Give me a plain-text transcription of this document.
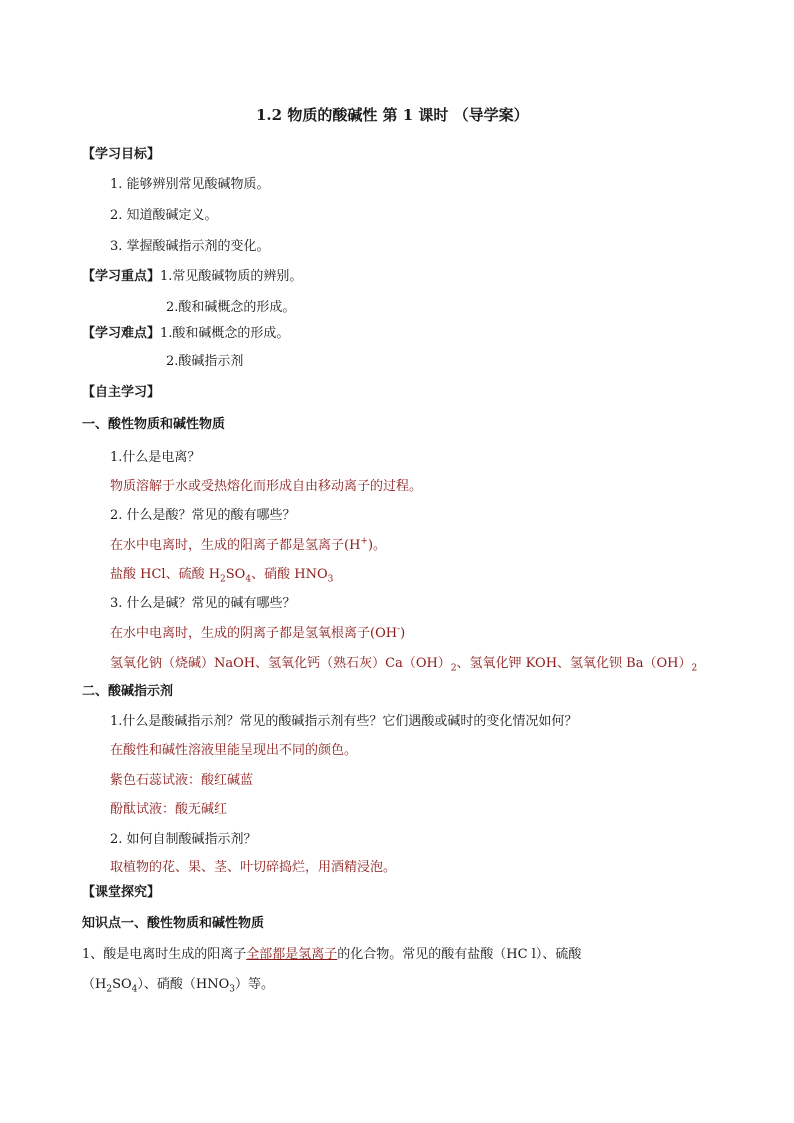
1.2 物质的酸碱性 第 1 课时 （导学案）
【学习目标】
1. 能够辨别常见酸碱物质。
2. 知道酸碱定义。
3. 掌握酸碱指示剂的变化。
【学习重点】1.常见酸碱物质的辨别。
2.酸和碱概念的形成。
【学习难点】1.酸和碱概念的形成。
2.酸碱指示剂
【自主学习】
一、酸性物质和碱性物质
1.什么是电离？
物质溶解于水或受热熔化而形成自由移动离子的过程。
2. 什么是酸？常见的酸有哪些？
在水中电离时，生成的阳离子都是氢离子(H+)。
盐酸 HCl、硫酸 $H_2SO_4$、硝酸 $HNO_3$
3. 什么是碱？常见的碱有哪些？
在水中电离时，生成的阴离子都是氢氧根离子(OH-)
氢氧化钠（烧碱）NaOH、氢氧化钙（熟石灰）$Ca(OH)_2$、氢氧化钾 KOH、氢氧化钡 $Ba(OH)_2$
二、酸碱指示剂
1.什么是酸碱指示剂？常见的酸碱指示剂有些？它们遇酸或碱时的变化情况如何？
在酸性和碱性溶液里能呈现出不同的颜色。
紫色石蕊试液：酸红碱蓝
酚酞试液：酸无碱红
2. 如何自制酸碱指示剂？
取植物的花、果、茎、叶切碎捣烂，用酒精浸泡。
【课堂探究】
知识点一、酸性物质和碱性物质
1、酸是电离时生成的阳离子全部都是氢离子的化合物。常见的酸有盐酸（HC l）、硫酸
$(H_2SO_4)$、硝酸$(HNO_3)$等。
